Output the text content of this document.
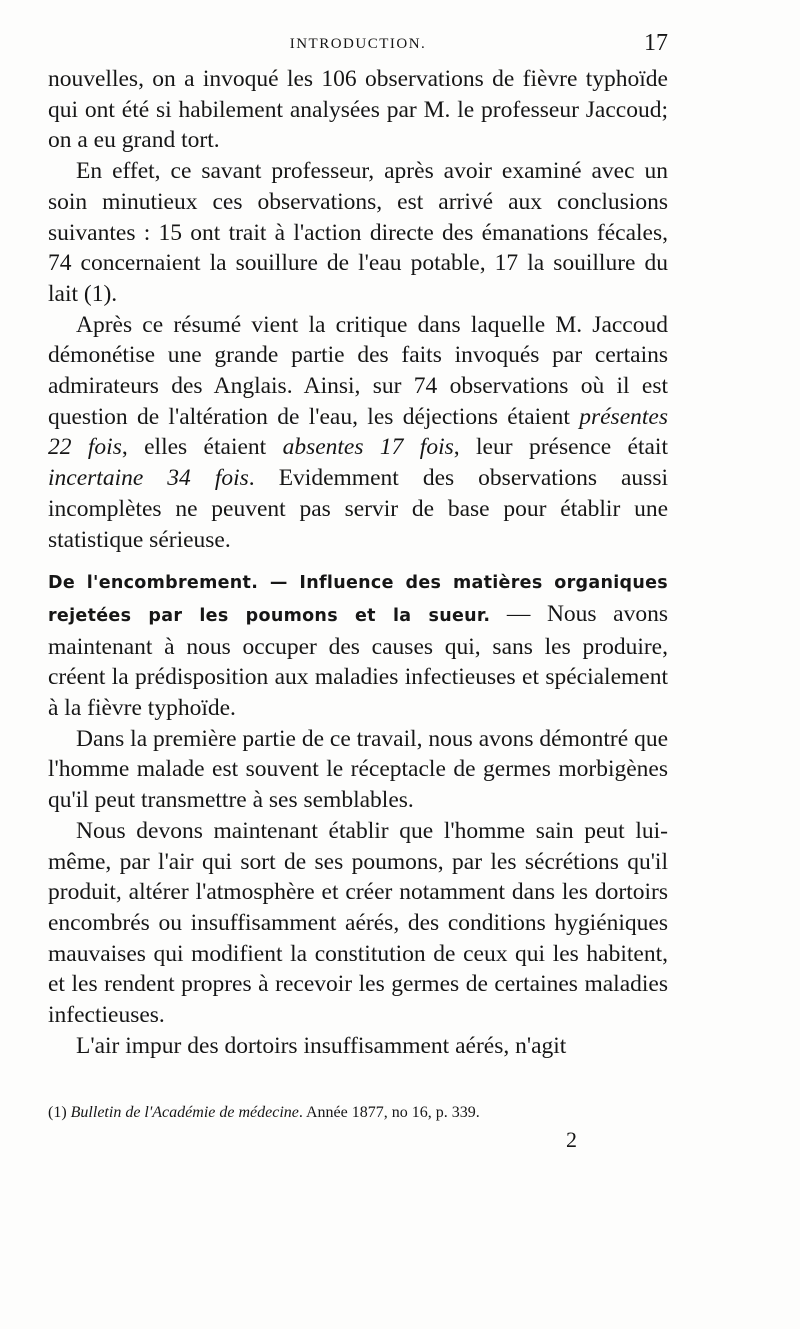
INTRODUCTION.	17

nouvelles, on a invoqué les 106 observations de fièvre typhoïde qui ont été si habilement analysées par M. le professeur Jaccoud; on a eu grand tort.

En effet, ce savant professeur, après avoir examiné avec un soin minutieux ces observations, est arrivé aux conclusions suivantes : 15 ont trait à l'action directe des émanations fécales, 74 concernaient la souillure de l'eau potable, 17 la souillure du lait (1).

Après ce résumé vient la critique dans laquelle M. Jaccoud démonétise une grande partie des faits invoqués par certains admirateurs des Anglais. Ainsi, sur 74 observations où il est question de l'altération de l'eau, les déjections étaient présentes 22 fois, elles étaient absentes 17 fois, leur présence était incertaine 34 fois. Evidemment des observations aussi incomplètes ne peuvent pas servir de base pour établir une statistique sérieuse.

De l'encombrement. — Influence des matières organiques rejetées par les poumons et la sueur. — Nous avons maintenant à nous occuper des causes qui, sans les produire, créent la prédisposition aux maladies infectieuses et spécialement à la fièvre typhoïde.

Dans la première partie de ce travail, nous avons démontré que l'homme malade est souvent le réceptacle de germes morbigènes qu'il peut transmettre à ses semblables.

Nous devons maintenant établir que l'homme sain peut lui-même, par l'air qui sort de ses poumons, par les sécrétions qu'il produit, altérer l'atmosphère et créer notamment dans les dortoirs encombrés ou insuffisamment aérés, des conditions hygiéniques mauvaises qui modifient la constitution de ceux qui les habitent, et les rendent propres à recevoir les germes de certaines maladies infectieuses.

L'air impur des dortoirs insuffisamment aérés, n'agit

(1) Bulletin de l'Académie de médecine. Année 1877, no 16, p. 339.
2
